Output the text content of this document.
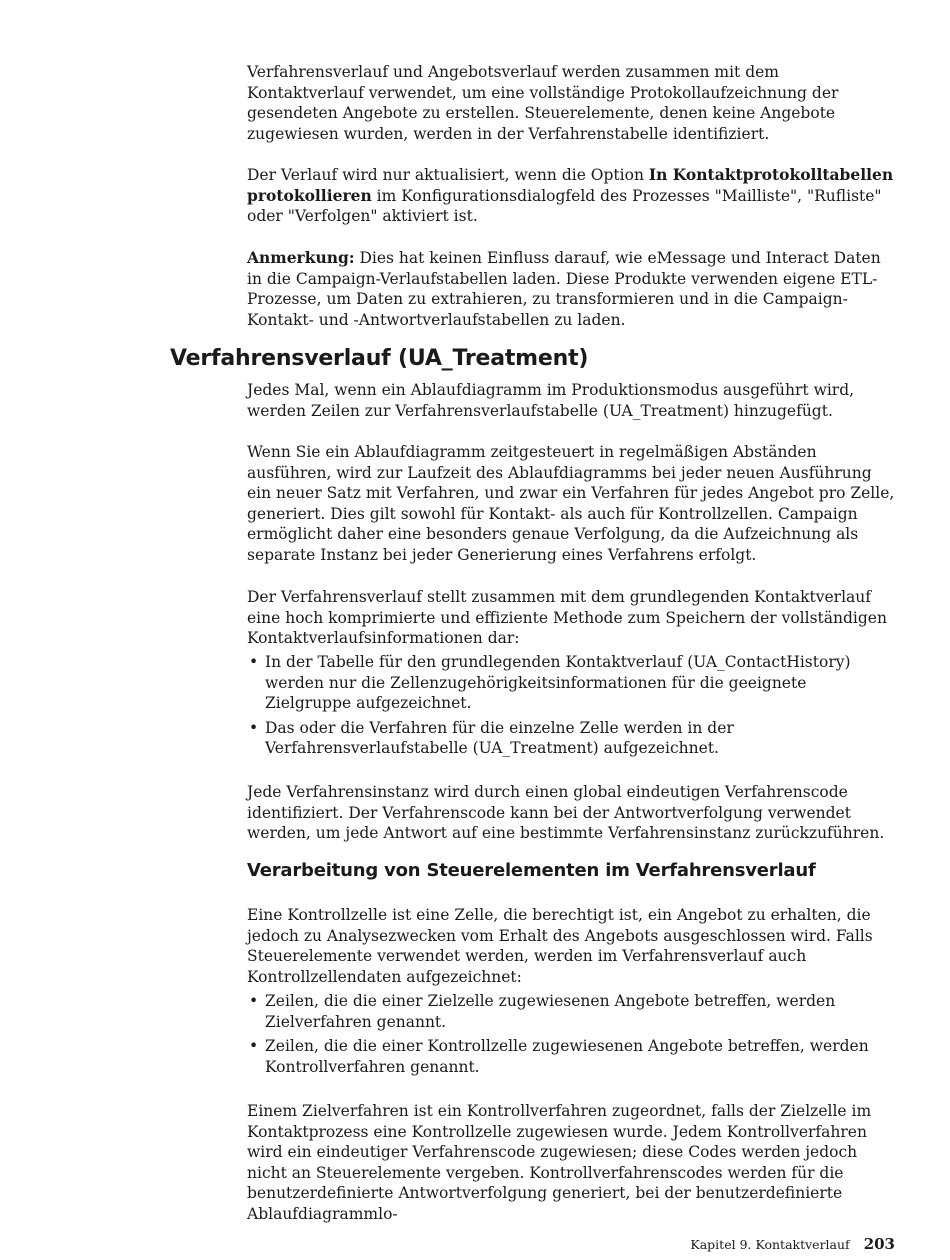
Verfahrensverlauf und Angebotsverlauf werden zusammen mit dem Kontaktverlauf verwendet, um eine vollständige Protokollaufzeichnung der gesendeten Angebote zu erstellen. Steuerelemente, denen keine Angebote zugewiesen wurden, werden in der Verfahrenstabelle identifiziert.

Der Verlauf wird nur aktualisiert, wenn die Option In Kontaktprotokolltabellen protokollieren im Konfigurationsdialogfeld des Prozesses "Mailliste", "Rufliste" oder "Verfolgen" aktiviert ist.

Anmerkung: Dies hat keinen Einfluss darauf, wie eMessage und Interact Daten in die Campaign-Verlaufstabellen laden. Diese Produkte verwenden eigene ETL-Prozesse, um Daten zu extrahieren, zu transformieren und in die Campaign-Kontakt- und -Antwortverlaufstabellen zu laden.

Verfahrensverlauf (UA_Treatment)

Jedes Mal, wenn ein Ablaufdiagramm im Produktionsmodus ausgeführt wird, werden Zeilen zur Verfahrensverlaufstabelle (UA_Treatment) hinzugefügt.

Wenn Sie ein Ablaufdiagramm zeitgesteuert in regelmäßigen Abständen ausführen, wird zur Laufzeit des Ablaufdiagramms bei jeder neuen Ausführung ein neuer Satz mit Verfahren, und zwar ein Verfahren für jedes Angebot pro Zelle, generiert. Dies gilt sowohl für Kontakt- als auch für Kontrollzellen. Campaign ermöglicht daher eine besonders genaue Verfolgung, da die Aufzeichnung als separate Instanz bei jeder Generierung eines Verfahrens erfolgt.

Der Verfahrensverlauf stellt zusammen mit dem grundlegenden Kontaktverlauf eine hoch komprimierte und effiziente Methode zum Speichern der vollständigen Kontaktverlaufsinformationen dar:

• In der Tabelle für den grundlegenden Kontaktverlauf (UA_ContactHistory) werden nur die Zellenzugehörigkeitsinformationen für die geeignete Zielgruppe aufgezeichnet.
• Das oder die Verfahren für die einzelne Zelle werden in der Verfahrensverlaufstabelle (UA_Treatment) aufgezeichnet.

Jede Verfahrensinstanz wird durch einen global eindeutigen Verfahrenscode identifiziert. Der Verfahrenscode kann bei der Antwortverfolgung verwendet werden, um jede Antwort auf eine bestimmte Verfahrensinstanz zurückzuführen.

Verarbeitung von Steuerelementen im Verfahrensverlauf

Eine Kontrollzelle ist eine Zelle, die berechtigt ist, ein Angebot zu erhalten, die jedoch zu Analysezwecken vom Erhalt des Angebots ausgeschlossen wird. Falls Steuerelemente verwendet werden, werden im Verfahrensverlauf auch Kontrollzellendaten aufgezeichnet:

• Zeilen, die die einer Zielzelle zugewiesenen Angebote betreffen, werden Zielverfahren genannt.
• Zeilen, die die einer Kontrollzelle zugewiesenen Angebote betreffen, werden Kontrollverfahren genannt.

Einem Zielverfahren ist ein Kontrollverfahren zugeordnet, falls der Zielzelle im Kontaktprozess eine Kontrollzelle zugewiesen wurde. Jedem Kontrollverfahren wird ein eindeutiger Verfahrenscode zugewiesen; diese Codes werden jedoch nicht an Steuerelemente vergeben. Kontrollverfahrenscodes werden für die benutzerdefinierte Antwortverfolgung generiert, bei der benutzerdefinierte Ablaufdiagrammlo-

Kapitel 9. Kontaktverlauf 203
